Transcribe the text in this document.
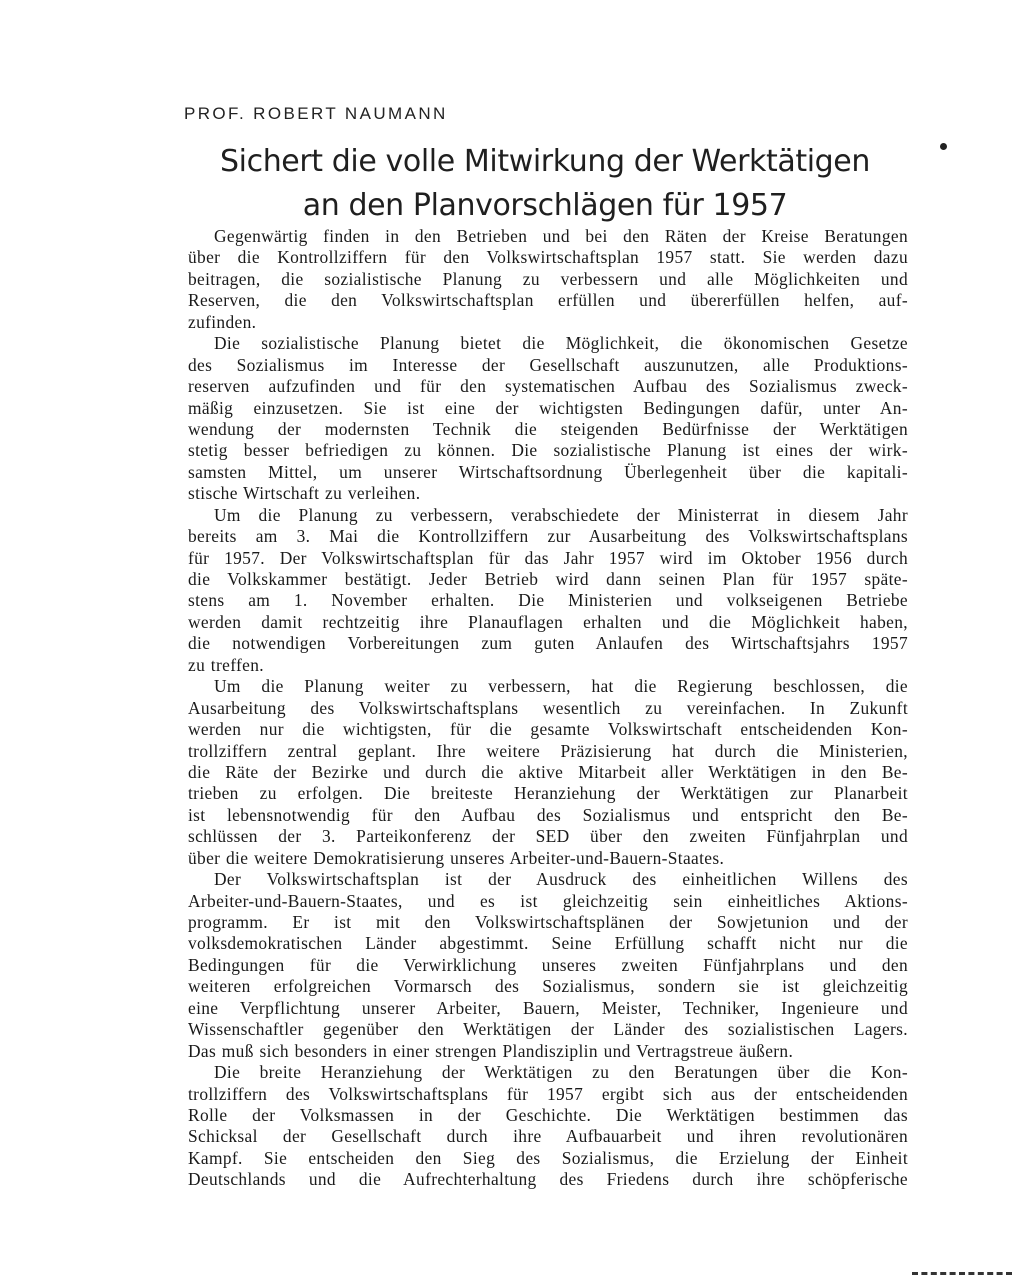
PROF. ROBERT NAUMANN
Sichert die volle Mitwirkung der Werktätigen
an den Planvorschlägen für 1957
Gegenwärtig finden in den Betrieben und bei den Räten der Kreise Beratungen
über die Kontrollziffern für den Volkswirtschaftsplan 1957 statt. Sie werden dazu
beitragen, die sozialistische Planung zu verbessern und alle Möglichkeiten und
Reserven, die den Volkswirtschaftsplan erfüllen und übererfüllen helfen, auf-
zufinden.
Die sozialistische Planung bietet die Möglichkeit, die ökonomischen Gesetze
des Sozialismus im Interesse der Gesellschaft auszunutzen, alle Produktions-
reserven aufzufinden und für den systematischen Aufbau des Sozialismus zweck-
mäßig einzusetzen. Sie ist eine der wichtigsten Bedingungen dafür, unter An-
wendung der modernsten Technik die steigenden Bedürfnisse der Werktätigen
stetig besser befriedigen zu können. Die sozialistische Planung ist eines der wirk-
samsten Mittel, um unserer Wirtschaftsordnung Überlegenheit über die kapitali-
stische Wirtschaft zu verleihen.
Um die Planung zu verbessern, verabschiedete der Ministerrat in diesem Jahr
bereits am 3. Mai die Kontrollziffern zur Ausarbeitung des Volkswirtschaftsplans
für 1957. Der Volkswirtschaftsplan für das Jahr 1957 wird im Oktober 1956 durch
die Volkskammer bestätigt. Jeder Betrieb wird dann seinen Plan für 1957 späte-
stens am 1. November erhalten. Die Ministerien und volkseigenen Betriebe
werden damit rechtzeitig ihre Planauflagen erhalten und die Möglichkeit haben,
die notwendigen Vorbereitungen zum guten Anlaufen des Wirtschaftsjahrs 1957
zu treffen.
Um die Planung weiter zu verbessern, hat die Regierung beschlossen, die
Ausarbeitung des Volkswirtschaftsplans wesentlich zu vereinfachen. In Zukunft
werden nur die wichtigsten, für die gesamte Volkswirtschaft entscheidenden Kon-
trollziffern zentral geplant. Ihre weitere Präzisierung hat durch die Ministerien,
die Räte der Bezirke und durch die aktive Mitarbeit aller Werktätigen in den Be-
trieben zu erfolgen. Die breiteste Heranziehung der Werktätigen zur Planarbeit
ist lebensnotwendig für den Aufbau des Sozialismus und entspricht den Be-
schlüssen der 3. Parteikonferenz der SED über den zweiten Fünfjahrplan und
über die weitere Demokratisierung unseres Arbeiter-und-Bauern-Staates.
Der Volkswirtschaftsplan ist der Ausdruck des einheitlichen Willens des
Arbeiter-und-Bauern-Staates, und es ist gleichzeitig sein einheitliches Aktions-
programm. Er ist mit den Volkswirtschaftsplänen der Sowjetunion und der
volksdemokratischen Länder abgestimmt. Seine Erfüllung schafft nicht nur die
Bedingungen für die Verwirklichung unseres zweiten Fünfjahrplans und den
weiteren erfolgreichen Vormarsch des Sozialismus, sondern sie ist gleichzeitig
eine Verpflichtung unserer Arbeiter, Bauern, Meister, Techniker, Ingenieure und
Wissenschaftler gegenüber den Werktätigen der Länder des sozialistischen Lagers.
Das muß sich besonders in einer strengen Plandisziplin und Vertragstreue äußern.
Die breite Heranziehung der Werktätigen zu den Beratungen über die Kon-
trollziffern des Volkswirtschaftsplans für 1957 ergibt sich aus der entscheidenden
Rolle der Volksmassen in der Geschichte. Die Werktätigen bestimmen das
Schicksal der Gesellschaft durch ihre Aufbauarbeit und ihren revolutionären
Kampf. Sie entscheiden den Sieg des Sozialismus, die Erzielung der Einheit
Deutschlands und die Aufrechterhaltung des Friedens durch ihre schöpferische
